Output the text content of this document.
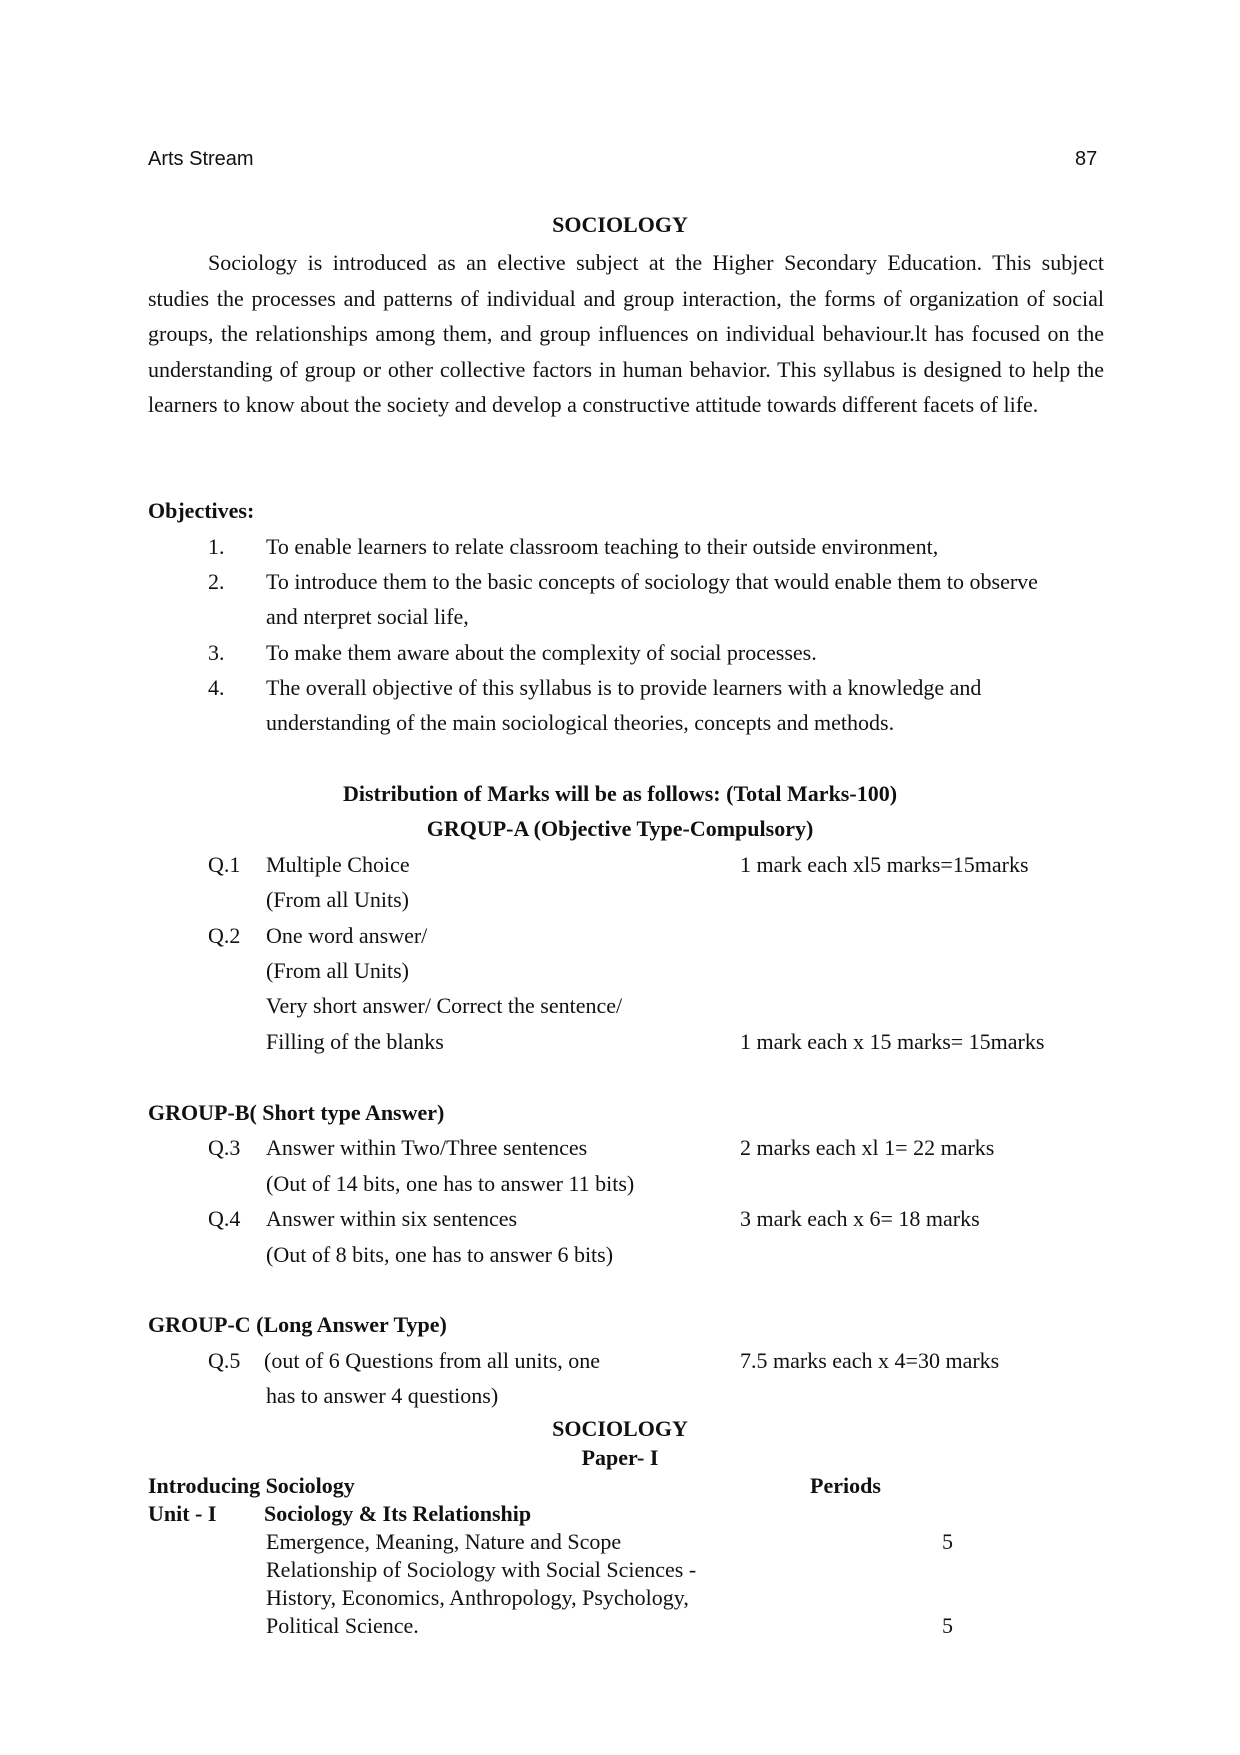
Arts Stream	87
SOCIOLOGY

Sociology is introduced as an elective subject at the Higher Secondary Education. This subject studies the processes and patterns of individual and group interaction, the forms of organization of social groups, the relationships among them, and group influences on individual behaviour.lt has focused on the understanding of group or other collective factors in human behavior. This syllabus is designed to help the learners to know about the society and develop a constructive attitude towards different facets of life.

Objectives:
1. To enable learners to relate classroom teaching to their outside environment,
2. To introduce them to the basic concepts of sociology that would enable them to observe
and nterpret social life,
3. To make them aware about the complexity of social processes.
4. The overall objective of this syllabus is to provide learners with a knowledge and
understanding of the main sociological theories, concepts and methods.
Distribution of Marks will be as follows: (Total Marks-100)
GRQUP-A (Objective Type-Compulsory)
Q.1 Multiple Choice	1 mark each xl5 marks=15marks
(From all Units)
Q.2 One word answer/
(From all Units)
Very short answer/ Correct the sentence/
Filling of the blanks	1 mark each x 15 marks= 15marks
GROUP-B( Short type Answer)
Q.3 Answer within Two/Three sentences	2 marks each xl 1= 22 marks
(Out of 14 bits, one has to answer 11 bits)
Q.4 Answer within six sentences	3 mark each x 6= 18 marks
(Out of 8 bits, one has to answer 6 bits)
GROUP-C (Long Answer Type)
Q.5 (out of 6 Questions from all units, one	7.5 marks each x 4=30 marks
has to answer 4 questions)
SOCIOLOGY
Paper- I
Introducing Sociology	Periods
Unit - I Sociology & Its Relationship
Emergence, Meaning, Nature and Scope	5
Relationship of Sociology with Social Sciences -
History, Economics, Anthropology, Psychology,
Political Science.	5
